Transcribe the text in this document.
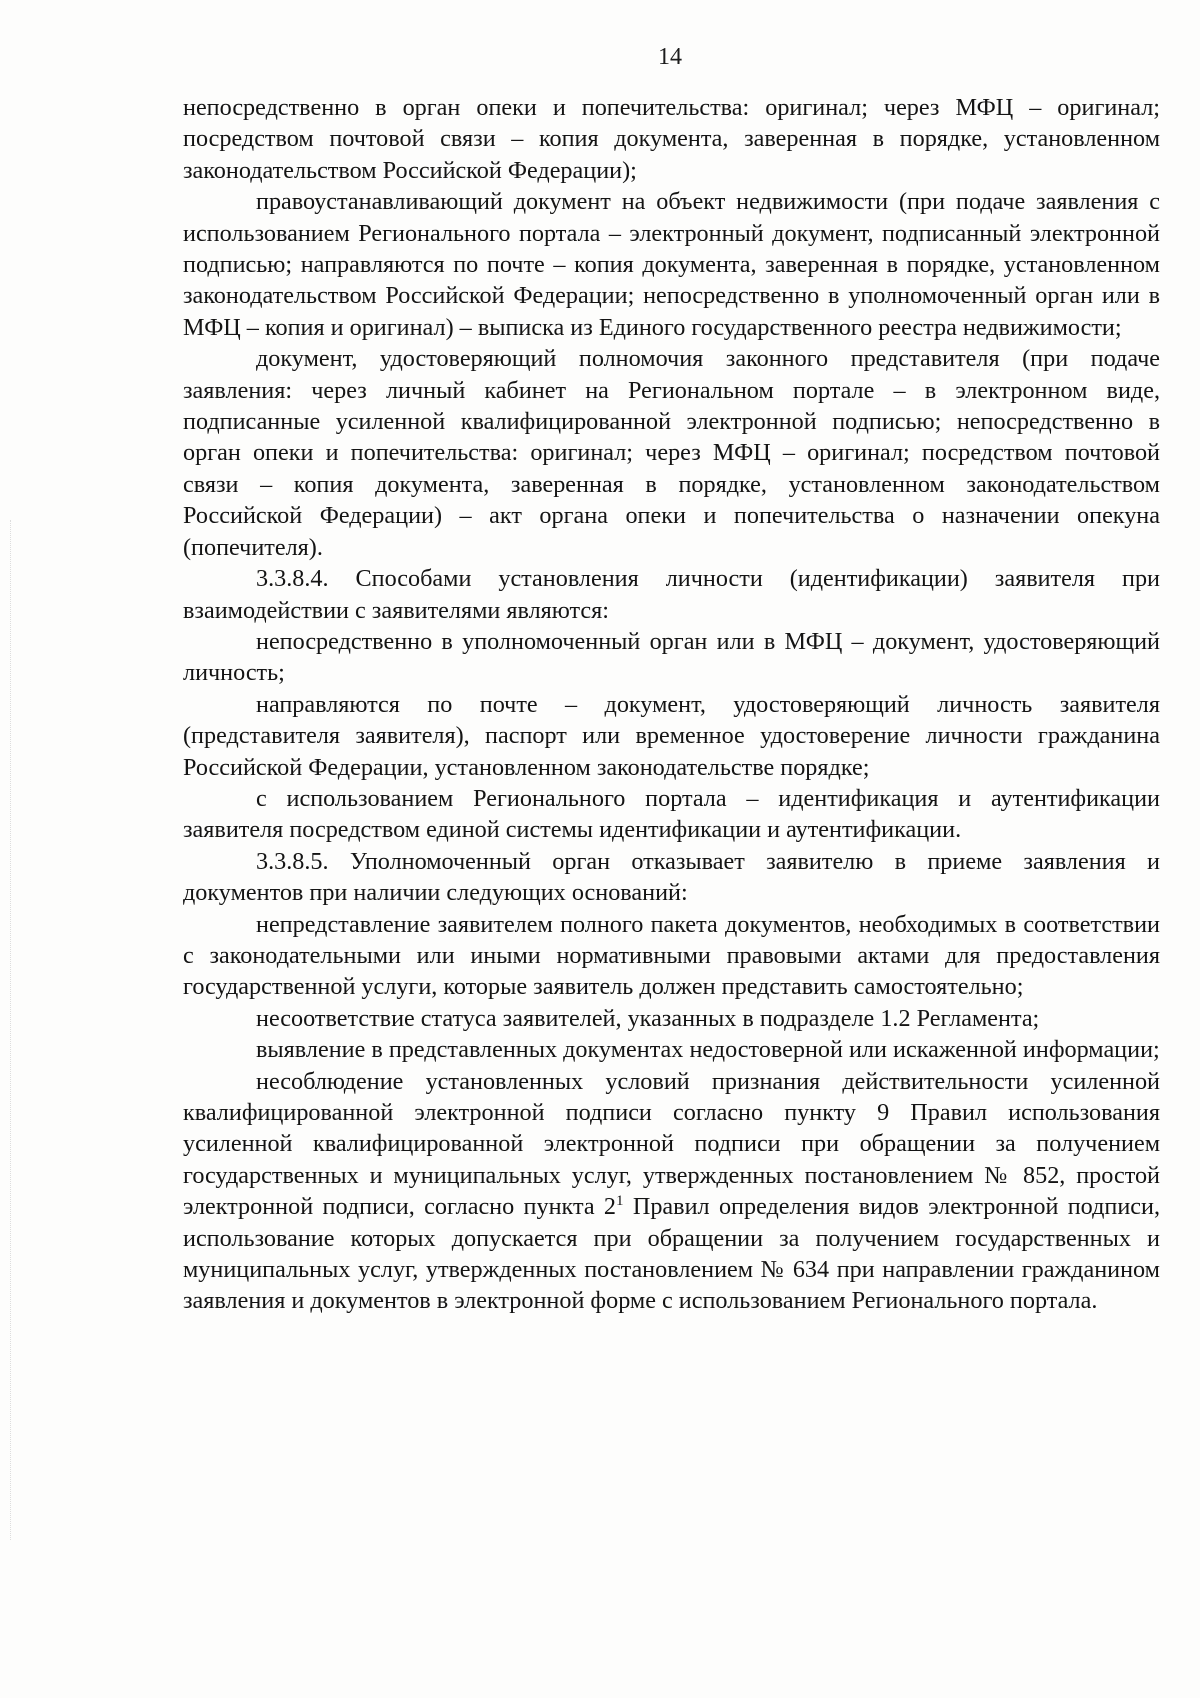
14

непосредственно в орган опеки и попечительства: оригинал; через МФЦ – оригинал; посредством почтовой связи – копия документа, заверенная в порядке, установленном законодательством Российской Федерации);

правоустанавливающий документ на объект недвижимости (при подаче заявления с использованием Регионального портала – электронный документ, подписанный электронной подписью; направляются по почте – копия документа, заверенная в порядке, установленном законодательством Российской Федерации; непосредственно в уполномоченный орган или в МФЦ – копия и оригинал) – выписка из Единого государственного реестра недвижимости;

документ, удостоверяющий полномочия законного представителя (при подаче заявления: через личный кабинет на Региональном портале – в электронном виде, подписанные усиленной квалифицированной электронной подписью; непосредственно в орган опеки и попечительства: оригинал; через МФЦ – оригинал; посредством почтовой связи – копия документа, заверенная в порядке, установленном законодательством Российской Федерации) – акт органа опеки и попечительства о назначении опекуна (попечителя).

3.3.8.4. Способами установления личности (идентификации) заявителя при взаимодействии с заявителями являются:

непосредственно в уполномоченный орган или в МФЦ – документ, удостоверяющий личность;

направляются по почте – документ, удостоверяющий личность заявителя (представителя заявителя), паспорт или временное удостоверение личности гражданина Российской Федерации, установленном законодательстве порядке;

с использованием Регионального портала – идентификация и аутентификации заявителя посредством единой системы идентификации и аутентификации.

3.3.8.5. Уполномоченный орган отказывает заявителю в приеме заявления и документов при наличии следующих оснований:

непредставление заявителем полного пакета документов, необходимых в соответствии с законодательными или иными нормативными правовыми актами для предоставления государственной услуги, которые заявитель должен представить самостоятельно;

несоответствие статуса заявителей, указанных в подразделе 1.2 Регламента;

выявление в представленных документах недостоверной или искаженной информации;

несоблюдение установленных условий признания действительности усиленной квалифицированной электронной подписи согласно пункту 9 Правил использования усиленной квалифицированной электронной подписи при обращении за получением государственных и муниципальных услуг, утвержденных постановлением № 852, простой электронной подписи, согласно пункта $2^1$ Правил определения видов электронной подписи, использование которых допускается при обращении за получением государственных и муниципальных услуг, утвержденных постановлением № 634 при направлении гражданином заявления и документов в электронной форме с использованием Регионального портала.
